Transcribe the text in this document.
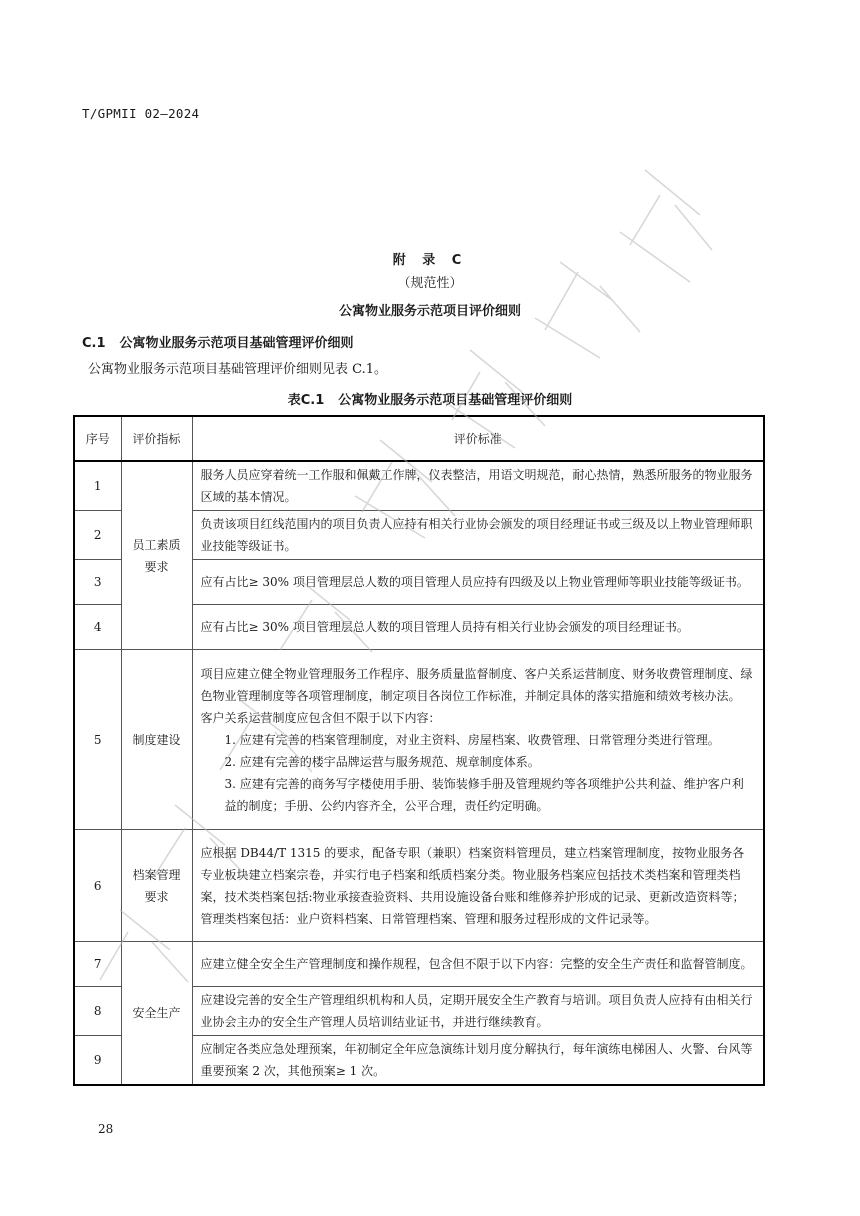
T/GPMII 02—2024
附 录 C
（规范性）
公寓物业服务示范项目评价细则
C.1 公寓物业服务示范项目基础管理评价细则
公寓物业服务示范项目基础管理评价细则见表 C.1。
表C.1 公寓物业服务示范项目基础管理评价细则
序号	评价指标	评价标准
1	员工素质要求	服务人员应穿着统一工作服和佩戴工作牌，仪表整洁，用语文明规范，耐心热情，熟悉所服务的物业服务区域的基本情况。

2		负责该项目红线范围内的项目负责人应持有相关行业协会颁发的项目经理证书或三级及以上物业管理师职业技能等级证书。

3		应有占比≥ 30% 项目管理层总人数的项目管理人员应持有四级及以上物业管理师等职业技能等级证书。

4		应有占比≥ 30% 项目管理层总人数的项目管理人员持有相关行业协会颁发的项目经理证书。

5	制度建设	项目应建立健全物业管理服务工作程序、服务质量监督制度、客户关系运营制度、财务收费管理制度、绿色物业管理制度等各项管理制度，制定项目各岗位工作标准，并制定具体的落实措施和绩效考核办法。
客户关系运营制度应包含但不限于以下内容：
1. 应建有完善的档案管理制度，对业主资料、房屋档案、收费管理、日常管理分类进行管理。
2. 应建有完善的楼宇品牌运营与服务规范、规章制度体系。
3. 应建有完善的商务写字楼使用手册、装饰装修手册及管理规约等各项维护公共利益、维护客户利益的制度；手册、公约内容齐全，公平合理，责任约定明确。

6	档案管理要求	应根据 DB44/T 1315 的要求，配备专职（兼职）档案资料管理员，建立档案管理制度，按物业服务各专业板块建立档案宗卷，并实行电子档案和纸质档案分类。物业服务档案应包括技术类档案和管理类档案，技术类档案包括:物业承接查验资料、共用设施设备台账和维修养护形成的记录、更新改造资料等；管理类档案包括：业户资料档案、日常管理档案、管理和服务过程形成的文件记录等。

7	安全生产	应建立健全安全生产管理制度和操作规程，包含但不限于以下内容：完整的安全生产责任和监督管制度。

8		应建设完善的安全生产管理组织机构和人员，定期开展安全生产教育与培训。项目负责人应持有由相关行业协会主办的安全生产管理人员培训结业证书，并进行继续教育。

9		应制定各类应急处理预案，年初制定全年应急演练计划月度分解执行，每年演练电梯困人、火警、台风等重要预案 2 次，其他预案≥ 1 次。
28
